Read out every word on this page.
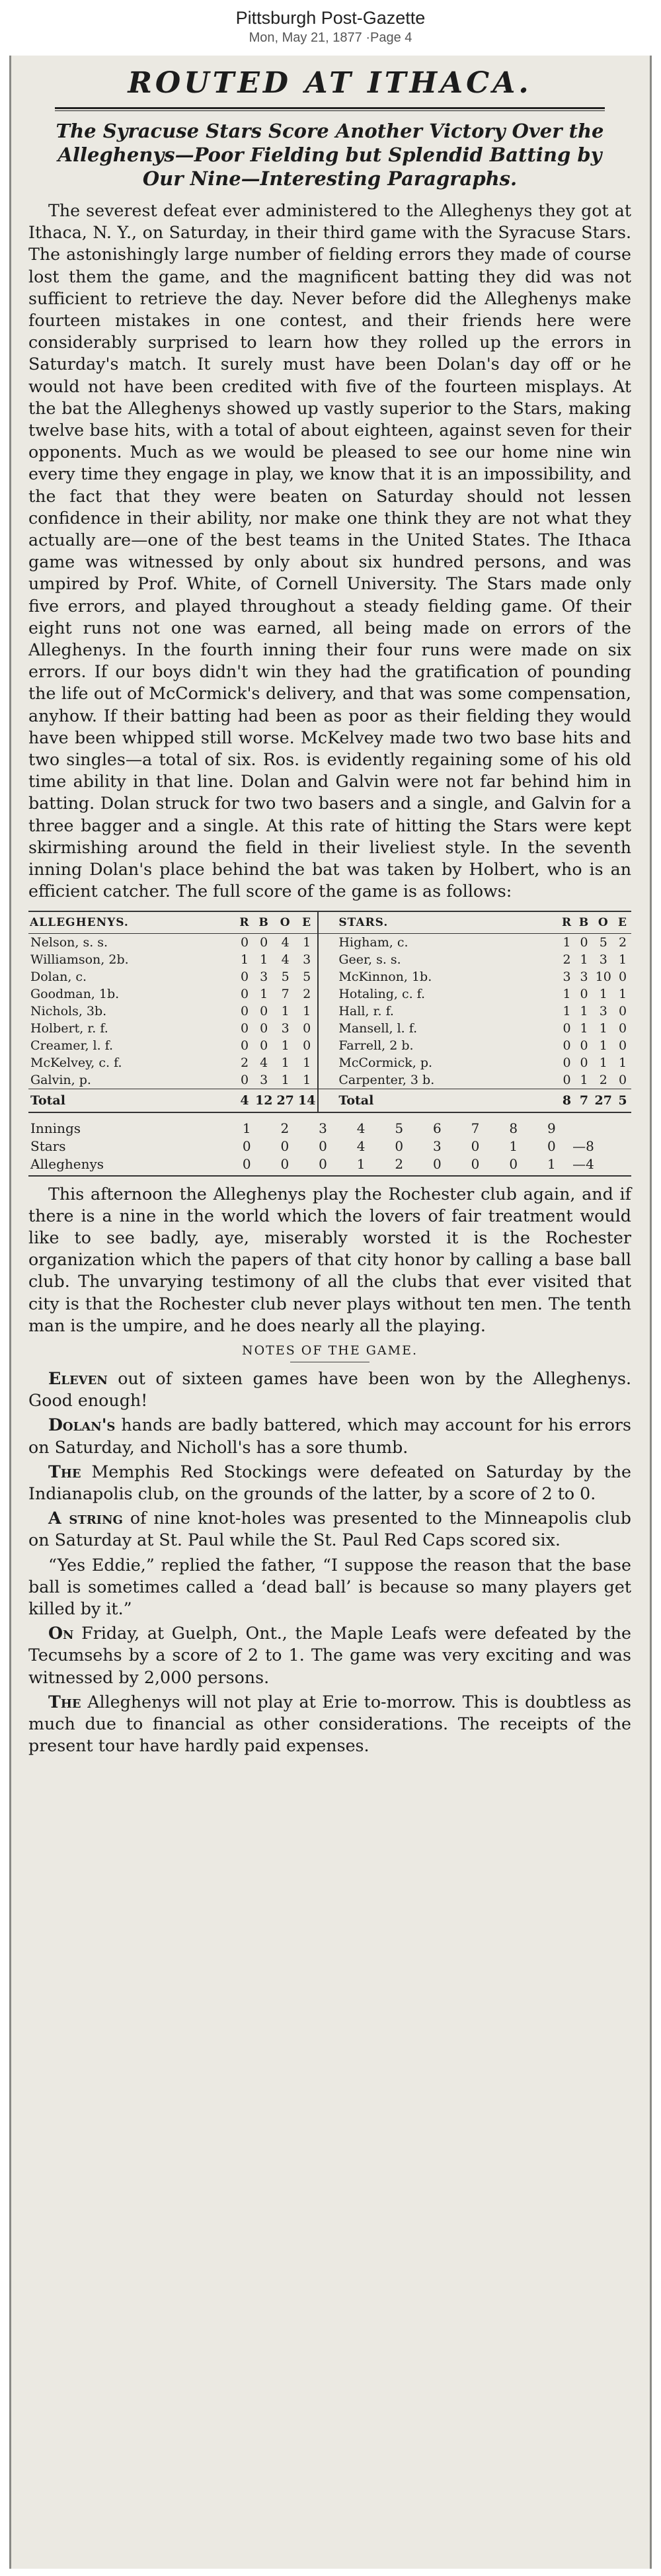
Pittsburgh Post-Gazette
Mon, May 21, 1877 ·Page 4
ROUTED AT ITHACA.
The Syracuse Stars Score Another Victory Over the Alleghenys—Poor Fielding but Splendid Batting by Our Nine—Interesting Paragraphs.

The severest defeat ever administered to the Alleghenys they got at Ithaca, N. Y., on Saturday, in their third game with the Syracuse Stars. The astonishingly large number of fielding errors they made of course lost them the game, and the magnificent batting they did was not sufficient to retrieve the day. Never before did the Alleghenys make fourteen mistakes in one contest, and their friends here were considerably surprised to learn how they rolled up the errors in Saturday's match. It surely must have been Dolan's day off or he would not have been credited with five of the fourteen misplays. At the bat the Alleghenys showed up vastly superior to the Stars, making twelve base hits, with a total of about eighteen, against seven for their opponents. Much as we would be pleased to see our home nine win every time they engage in play, we know that it is an impossibility, and the fact that they were beaten on Saturday should not lessen confidence in their ability, nor make one think they are not what they actually are—one of the best teams in the United States. The Ithaca game was witnessed by only about six hundred persons, and was umpired by Prof. White, of Cornell University. The Stars made only five errors, and played throughout a steady fielding game. Of their eight runs not one was earned, all being made on errors of the Alleghenys. In the fourth inning their four runs were made on six errors. If our boys didn't win they had the gratification of pounding the life out of McCormick's delivery, and that was some compensation, anyhow. If their batting had been as poor as their fielding they would have been whipped still worse. McKelvey made two two base hits and two singles—a total of six. Ros. is evidently regaining some of his old time ability in that line. Dolan and Galvin were not far behind him in batting. Dolan struck for two two basers and a single, and Galvin for a three bagger and a single. At this rate of hitting the Stars were kept skirmishing around the field in their liveliest style. In the seventh inning Dolan's place behind the bat was taken by Holbert, who is an efficient catcher. The full score of the game is as follows:

ALLEGHENYS.	R	B	O	E	STARS.	R	B	O	E
Nelson, s. s.	0	0	4	1	Higham, c.	1	0	5	2
Williamson, 2b.	1	1	4	3	Geer, s. s.	2	1	3	1
Dolan, c.	0	3	5	5	McKinnon, 1b.	3	3	10	0
Goodman, 1b.	0	1	7	2	Hotaling, c. f.	1	0	1	1
Nichols, 3b.	0	0	1	1	Hall, r. f.	1	1	3	0
Holbert, r. f.	0	0	3	0	Mansell, l. f.	0	1	1	0
Creamer, l. f.	0	0	1	0	Farrell, 2 b.	0	0	1	0
McKelvey, c. f.	2	4	1	1	McCormick, p.	0	0	1	1
Galvin, p.	0	3	1	1	Carpenter, 3 b.	0	1	2	0
Total	4	12	27	14	Total	8	7	27	5
Innings	1	2	3	4	5	6	7	8	9	
Stars	0	0	0	4	0	3	0	1	0	—8
Alleghenys	0	0	0	1	2	0	0	0	1	—4

This afternoon the Alleghenys play the Rochester club again, and if there is a nine in the world which the lovers of fair treatment would like to see badly, aye, miserably worsted it is the Rochester organization which the papers of that city honor by calling a base ball club. The unvarying testimony of all the clubs that ever visited that city is that the Rochester club never plays without ten men. The tenth man is the umpire, and he does nearly all the playing.

NOTES OF THE GAME.

Eleven out of sixteen games have been won by the Alleghenys. Good enough!

Dolan's hands are badly battered, which may account for his errors on Saturday, and Nicholl's has a sore thumb.

The Memphis Red Stockings were defeated on Saturday by the Indianapolis club, on the grounds of the latter, by a score of 2 to 0.

A string of nine knot-holes was presented to the Minneapolis club on Saturday at St. Paul while the St. Paul Red Caps scored six.

“Yes Eddie,” replied the father, “I suppose the reason that the base ball is sometimes called a ‘dead ball’ is because so many players get killed by it.”

On Friday, at Guelph, Ont., the Maple Leafs were defeated by the Tecumsehs by a score of 2 to 1. The game was very exciting and was witnessed by 2,000 persons.

The Alleghenys will not play at Erie to-morrow. This is doubtless as much due to financial as other considerations. The receipts of the present tour have hardly paid expenses.
